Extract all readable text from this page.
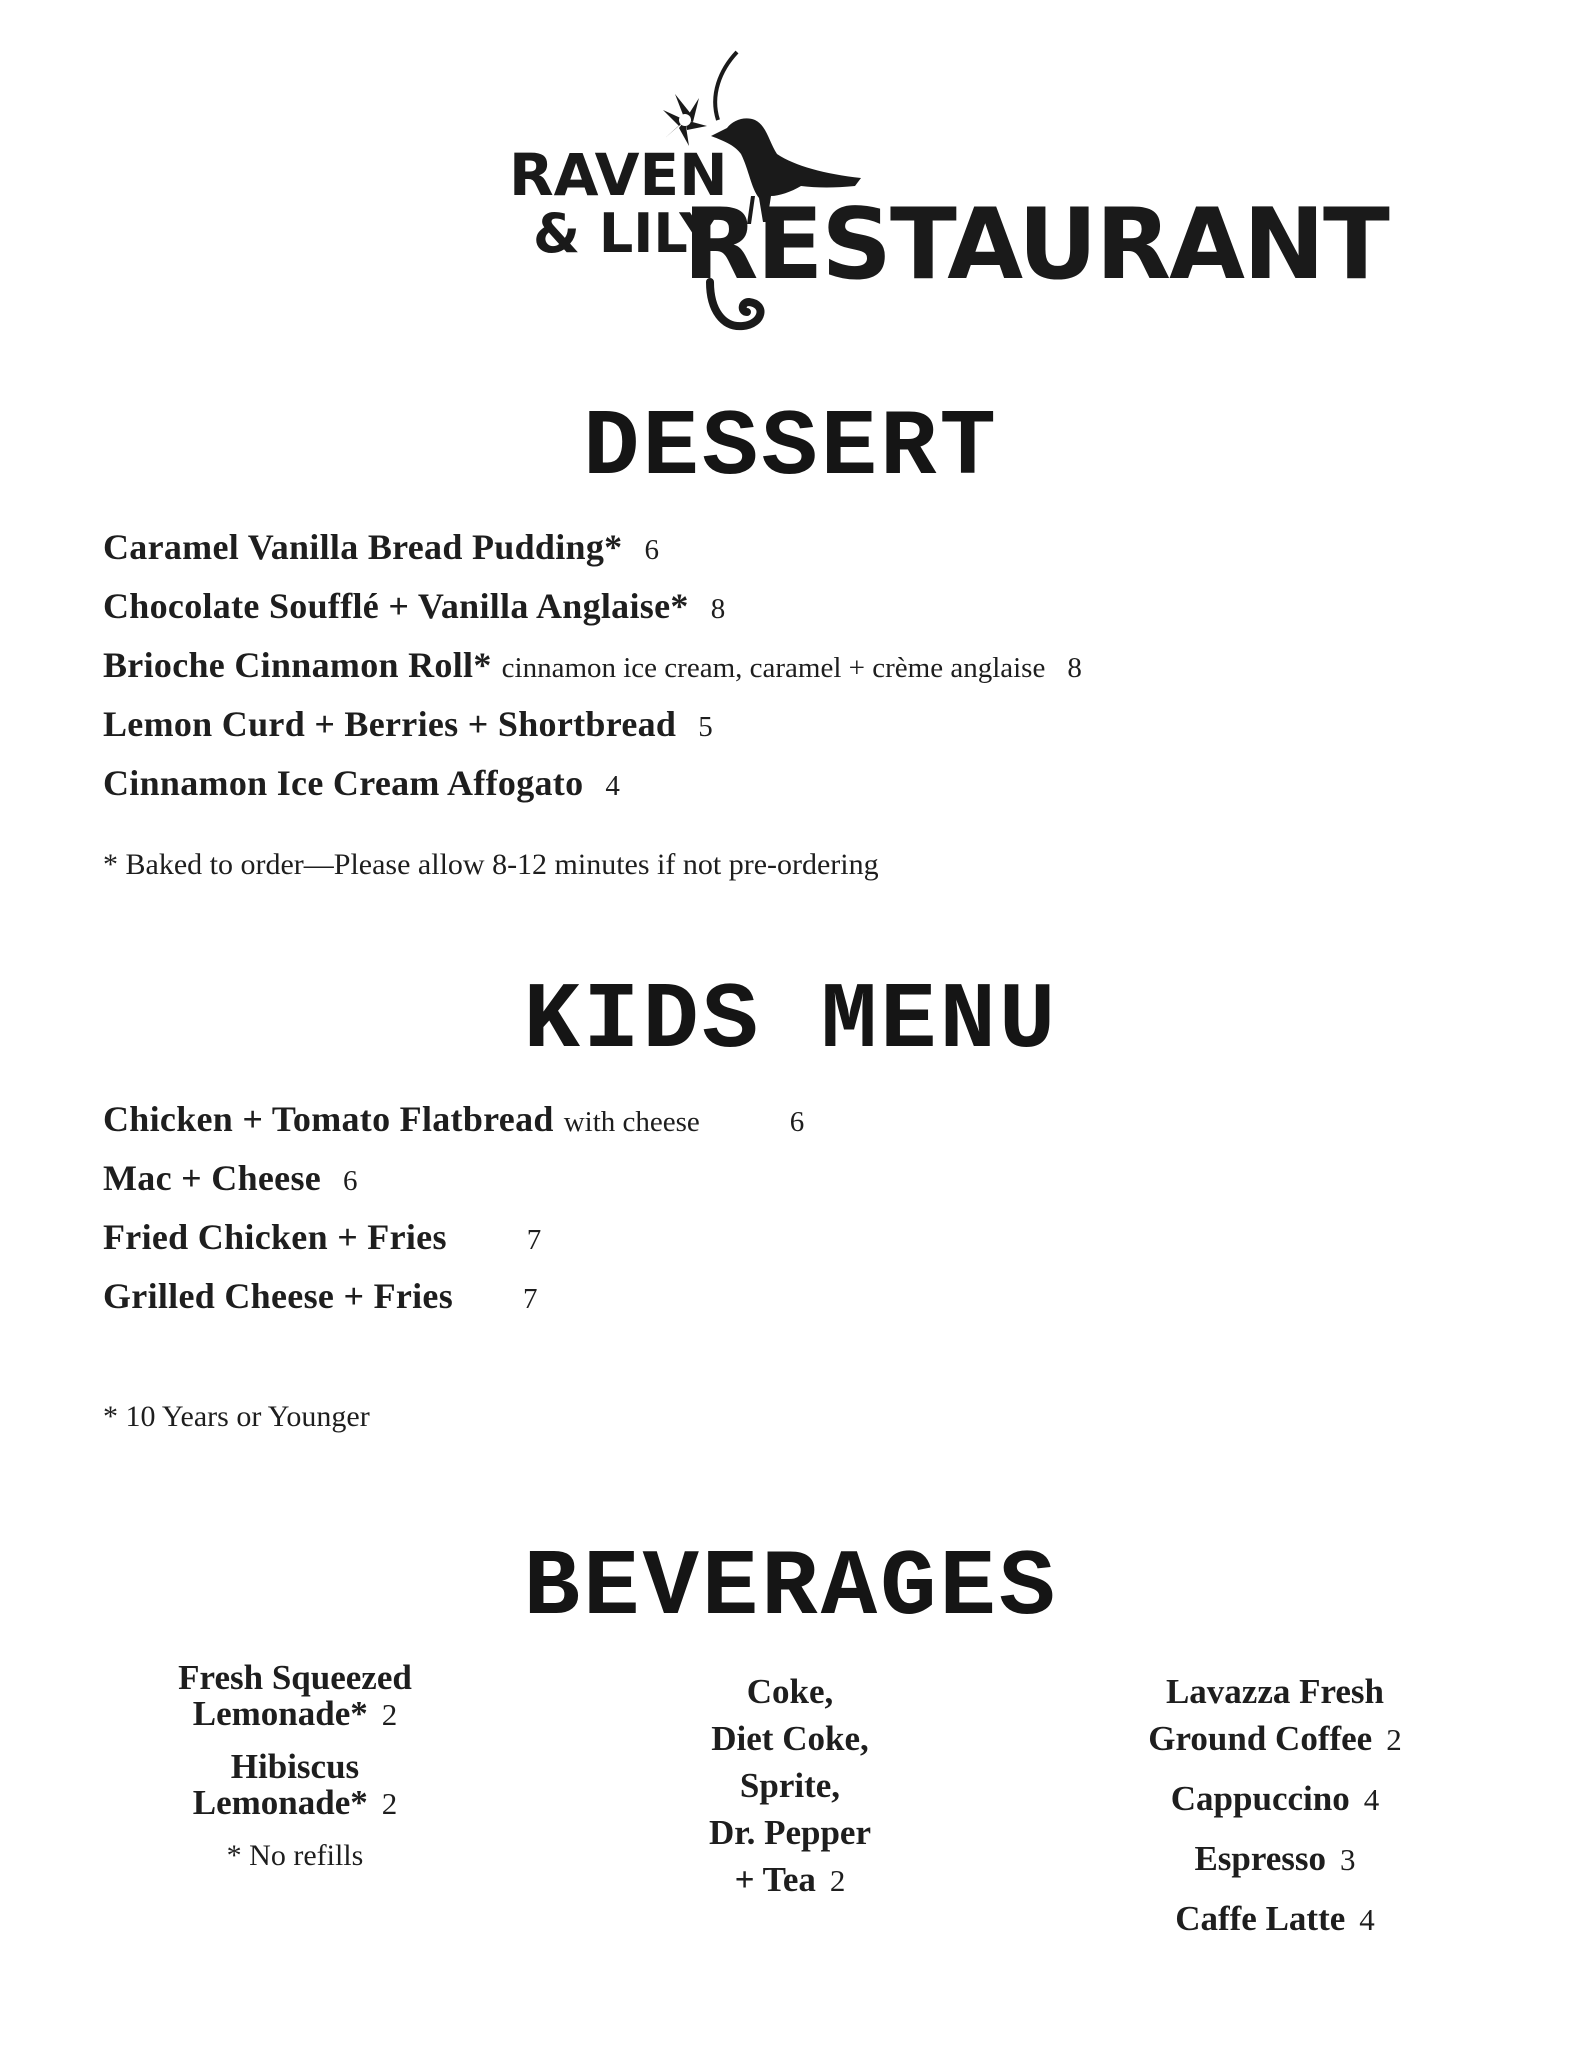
RAVEN
& LILY
RESTAURANT
DESSERT
Caramel Vanilla Bread Pudding* 6
Chocolate Soufflé + Vanilla Anglaise* 8
Brioche Cinnamon Roll* cinnamon ice cream, caramel + crème anglaise 8
Lemon Curd + Berries + Shortbread 5
Cinnamon Ice Cream Affogato 4

* Baked to order—Please allow 8-12 minutes if not pre-ordering

KIDS MENU
Chicken + Tomato Flatbread with cheese	6
Mac + Cheese 6
Fried Chicken + Fries	7
Grilled Cheese + Fries 7

* 10 Years or Younger

BEVERAGES
Fresh Squeezed
Lemonade* 2
Hibiscus
Lemonade* 2
* No refills
Coke,
Diet Coke,
Sprite,
Dr. Pepper
+ Tea 2
Lavazza Fresh
Ground Coffee 2
Cappuccino 4
Espresso 3
Caffe Latte 4
